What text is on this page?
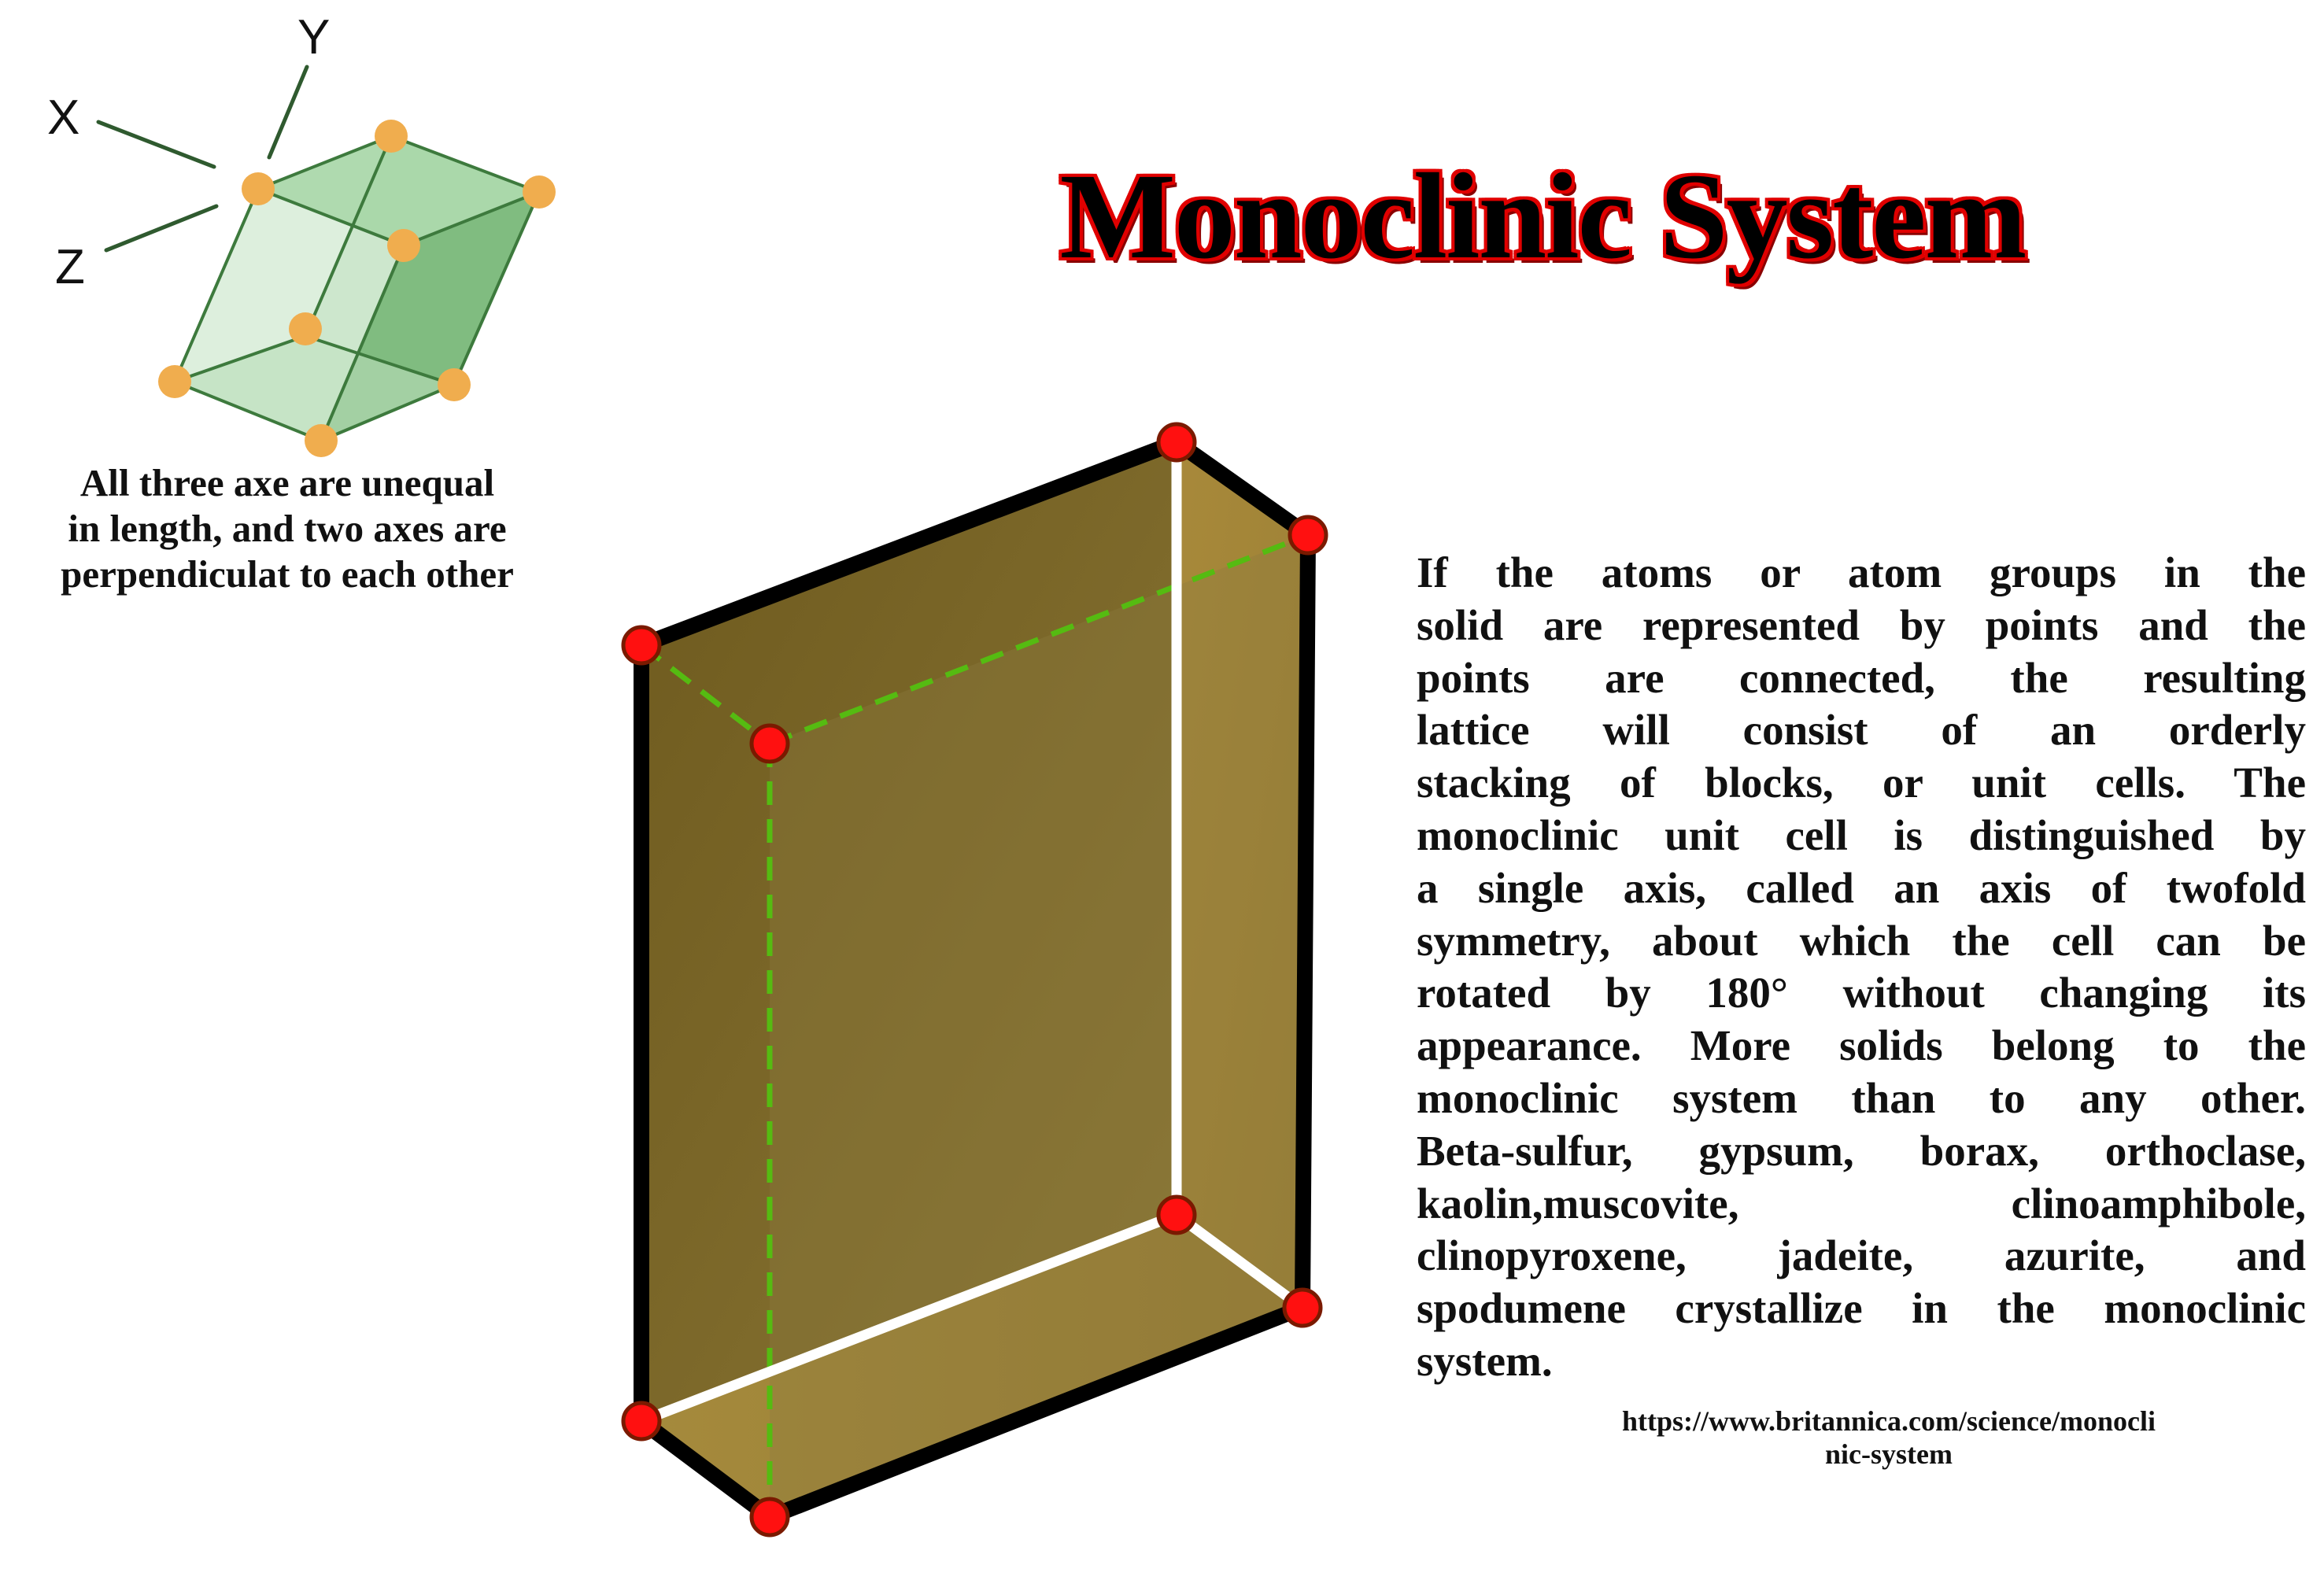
X
Y
Z
All three axe are unequal
in length, and two axes are
perpendiculat to each other
Monoclinic System
If the atoms or atom groups in the
solid are represented by points and the
points are connected, the resulting
lattice will consist of an orderly
stacking of blocks, or unit cells. The
monoclinic unit cell is distinguished by
a single axis, called an axis of twofold
symmetry, about which the cell can be
rotated by 180° without changing its
appearance. More solids belong to the
monoclinic system than to any other.
Beta-sulfur, gypsum, borax, orthoclase,
kaolin,muscovite, clinoamphibole,
clinopyroxene, jadeite, azurite, and
spodumene crystallize in the monoclinic
system.
https://www.britannica.com/science/monocli
nic-system
